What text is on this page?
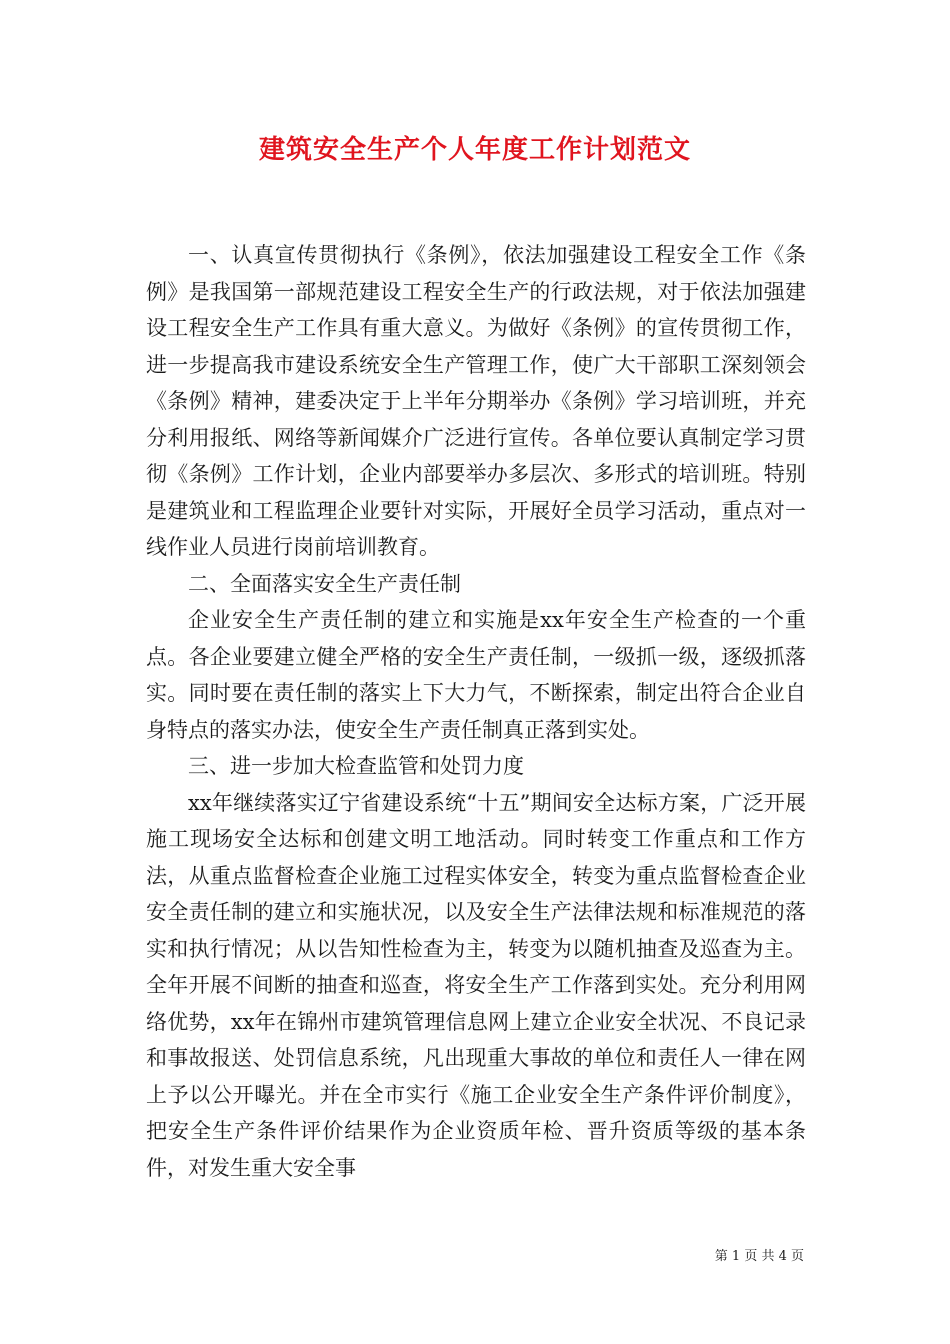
建筑安全生产个人年度工作计划范文

一、认真宣传贯彻执行《条例》，依法加强建设工程安全工作《条例》是我国第一部规范建设工程安全生产的行政法规，对于依法加强建设工程安全生产工作具有重大意义。为做好《条例》的宣传贯彻工作，进一步提高我市建设系统安全生产管理工作，使广大干部职工深刻领会《条例》精神，建委决定于上半年分期举办《条例》学习培训班，并充分利用报纸、网络等新闻媒介广泛进行宣传。各单位要认真制定学习贯彻《条例》工作计划，企业内部要举办多层次、多形式的培训班。特别是建筑业和工程监理企业要针对实际，开展好全员学习活动，重点对一线作业人员进行岗前培训教育。

二、全面落实安全生产责任制

企业安全生产责任制的建立和实施是xx年安全生产检查的一个重点。各企业要建立健全严格的安全生产责任制，一级抓一级，逐级抓落实。同时要在责任制的落实上下大力气，不断探索，制定出符合企业自身特点的落实办法，使安全生产责任制真正落到实处。

三、进一步加大检查监管和处罚力度

xx年继续落实辽宁省建设系统“十五”期间安全达标方案，广泛开展施工现场安全达标和创建文明工地活动。同时转变工作重点和工作方法，从重点监督检查企业施工过程实体安全，转变为重点监督检查企业安全责任制的建立和实施状况，以及安全生产法律法规和标准规范的落实和执行情况；从以告知性检查为主，转变为以随机抽查及巡查为主。全年开展不间断的抽查和巡查，将安全生产工作落到实处。充分利用网络优势，xx年在锦州市建筑管理信息网上建立企业安全状况、不良记录和事故报送、处罚信息系统，凡出现重大事故的单位和责任人一律在网上予以公开曝光。并在全市实行《施工企业安全生产条件评价制度》，把安全生产条件评价结果作为企业资质年检、晋升资质等级的基本条件，对发生重大安全事

第 1 页 共 4 页
